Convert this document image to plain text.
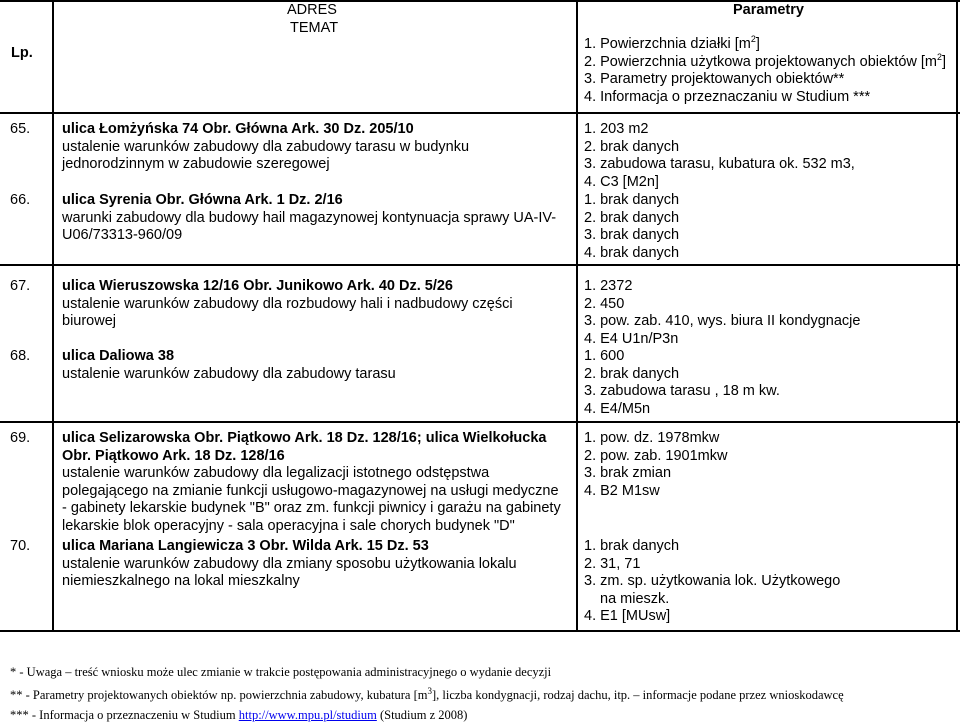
Lp.
ADRES
TEMAT
Parametry
1. Powierzchnia działki $[m^2]$
2. Powierzchnia użytkowa projektowanych obiektów $[m^2]$
3. Parametry projektowanych obiektów**
4. Informacja o przeznaczaniu w Studium ***
65. ulica Łomżyńska 74 Obr. Główna Ark. 30 Dz. 205/10
ustalenie warunków zabudowy dla zabudowy tarasu w budynku
jednorodzinnym w zabudowie szeregowej
1. 203 m2
2. brak danych
3. zabudowa tarasu, kubatura ok. 532 m3,
4. C3 [M2n]
66. ulica Syrenia Obr. Główna Ark. 1 Dz. 2/16
warunki zabudowy dla budowy hail magazynowej kontynuacja sprawy UA-IV-
U06/73313-960/09
1. brak danych
2. brak danych
3. brak danych
4. brak danych
67. ulica Wieruszowska 12/16 Obr. Junikowo Ark. 40 Dz. 5/26
ustalenie warunków zabudowy dla rozbudowy hali i nadbudowy części
biurowej
1. 2372
2. 450
3. pow. zab. 410, wys. biura II kondygnacje
4. E4 U1n/P3n
68. ulica Daliowa 38
ustalenie warunków zabudowy dla zabudowy tarasu
1. 600
2. brak danych
3. zabudowa tarasu , 18 m kw.
4. E4/M5n
69. ulica Selizarowska Obr. Piątkowo Ark. 18 Dz. 128/16; ulica Wielkołucka
Obr. Piątkowo Ark. 18 Dz. 128/16
ustalenie warunków zabudowy dla legalizacji istotnego odstępstwa
polegającego na zmianie funkcji usługowo-magazynowej na usługi medyczne
- gabinety lekarskie budynek "B" oraz zm. funkcji piwnicy i garażu na gabinety
lekarskie blok operacyjny - sala operacyjna i sale chorych budynek "D"
1. pow. dz. 1978mkw
2. pow. zab. 1901mkw
3. brak zmian
4. B2 M1sw
70. ulica Mariana Langiewicza 3 Obr. Wilda Ark. 15 Dz. 53
ustalenie warunków zabudowy dla zmiany sposobu użytkowania lokalu
niemieszkalnego na lokal mieszkalny
1. brak danych
2. 31, 71
3. zm. sp. użytkowania lok. Użytkowego
na mieszk.
4. E1 [MUsw]
* - Uwaga – treść wniosku może ulec zmianie w trakcie postępowania administracyjnego o wydanie decyzji
** - Parametry projektowanych obiektów np. powierzchnia zabudowy, kubatura $[m^3]$, liczba kondygnacji, rodzaj dachu, itp. – informacje podane przez wnioskodawcę
*** - Informacja o przeznaczeniu w Studium http://www.mpu.pl/studium (Studium z 2008)
